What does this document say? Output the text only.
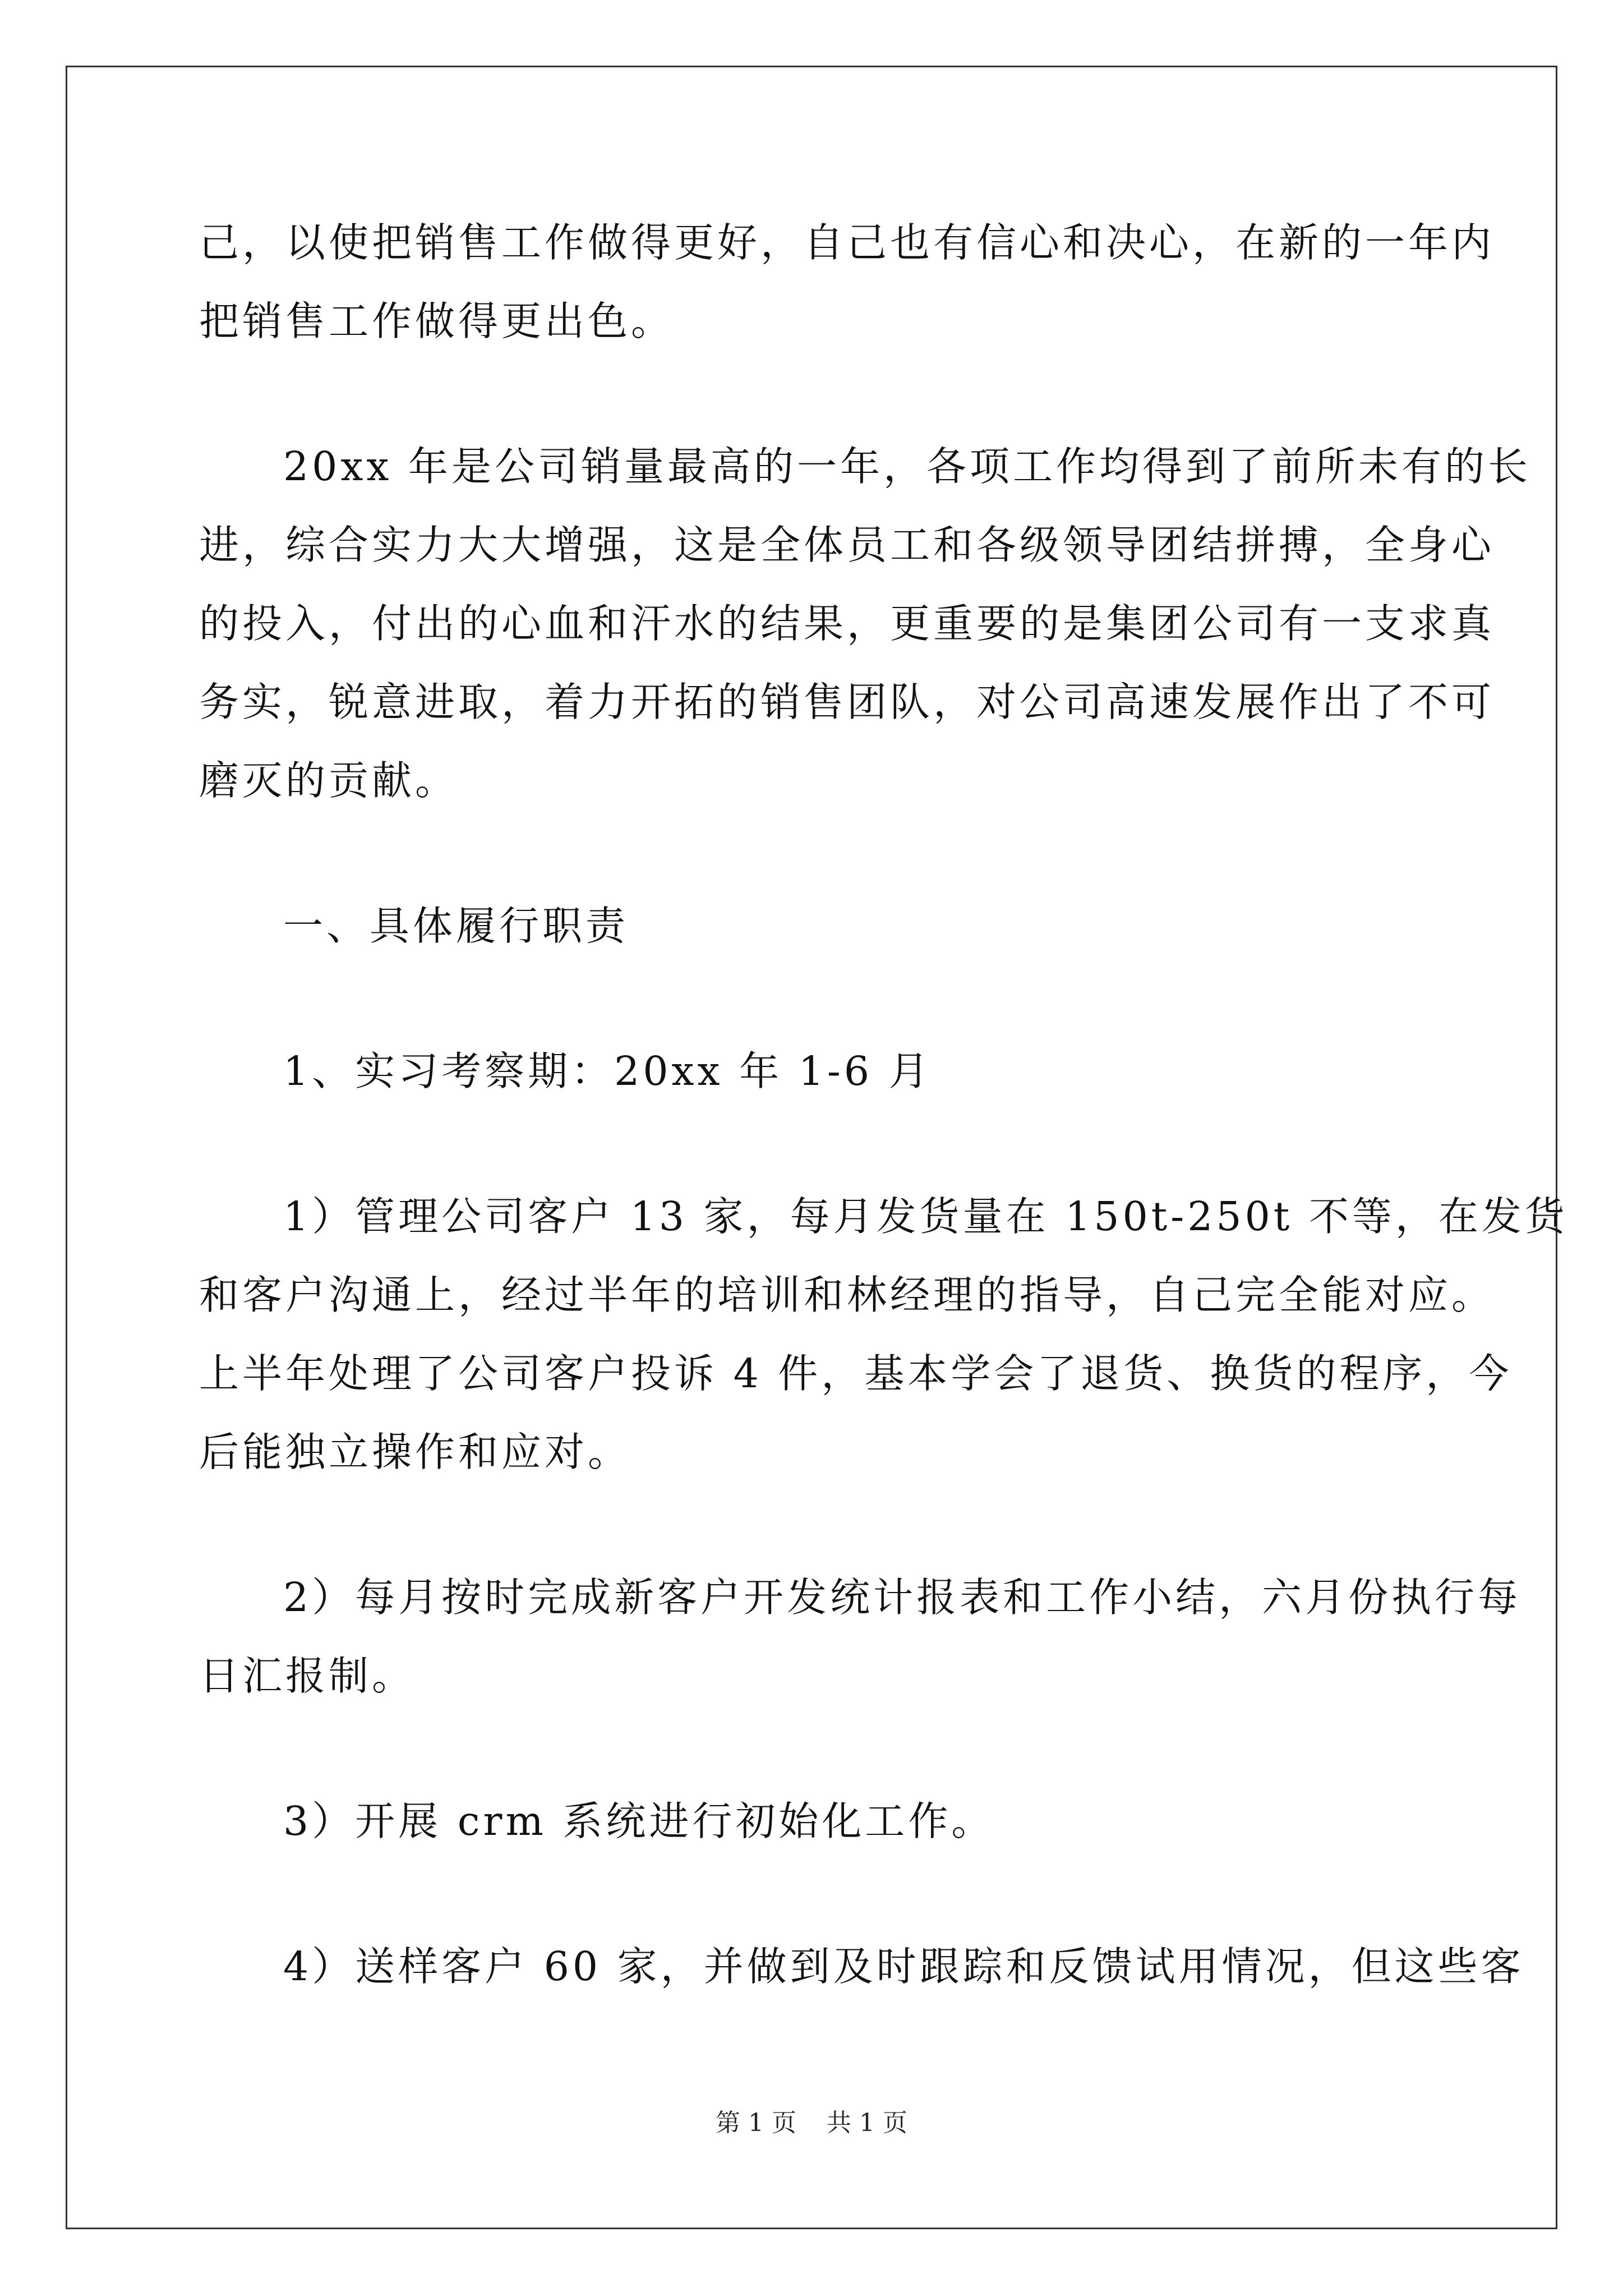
己，以使把销售工作做得更好，自己也有信心和决心，在新的一年内
把销售工作做得更出色。
20xx 年是公司销量最高的一年，各项工作均得到了前所未有的长
进，综合实力大大增强，这是全体员工和各级领导团结拼搏，全身心
的投入，付出的心血和汗水的结果，更重要的是集团公司有一支求真
务实，锐意进取，着力开拓的销售团队，对公司高速发展作出了不可
磨灭的贡献。
一、具体履行职责
1、实习考察期：20xx 年 1-6 月
1）管理公司客户 13 家，每月发货量在 150t-250t 不等，在发货
和客户沟通上，经过半年的培训和林经理的指导，自己完全能对应。
上半年处理了公司客户投诉 4 件，基本学会了退货、换货的程序，今
后能独立操作和应对。
2）每月按时完成新客户开发统计报表和工作小结，六月份执行每
日汇报制。
3）开展 crm 系统进行初始化工作。
4）送样客户 60 家，并做到及时跟踪和反馈试用情况，但这些客
第 1 页 共 1 页
